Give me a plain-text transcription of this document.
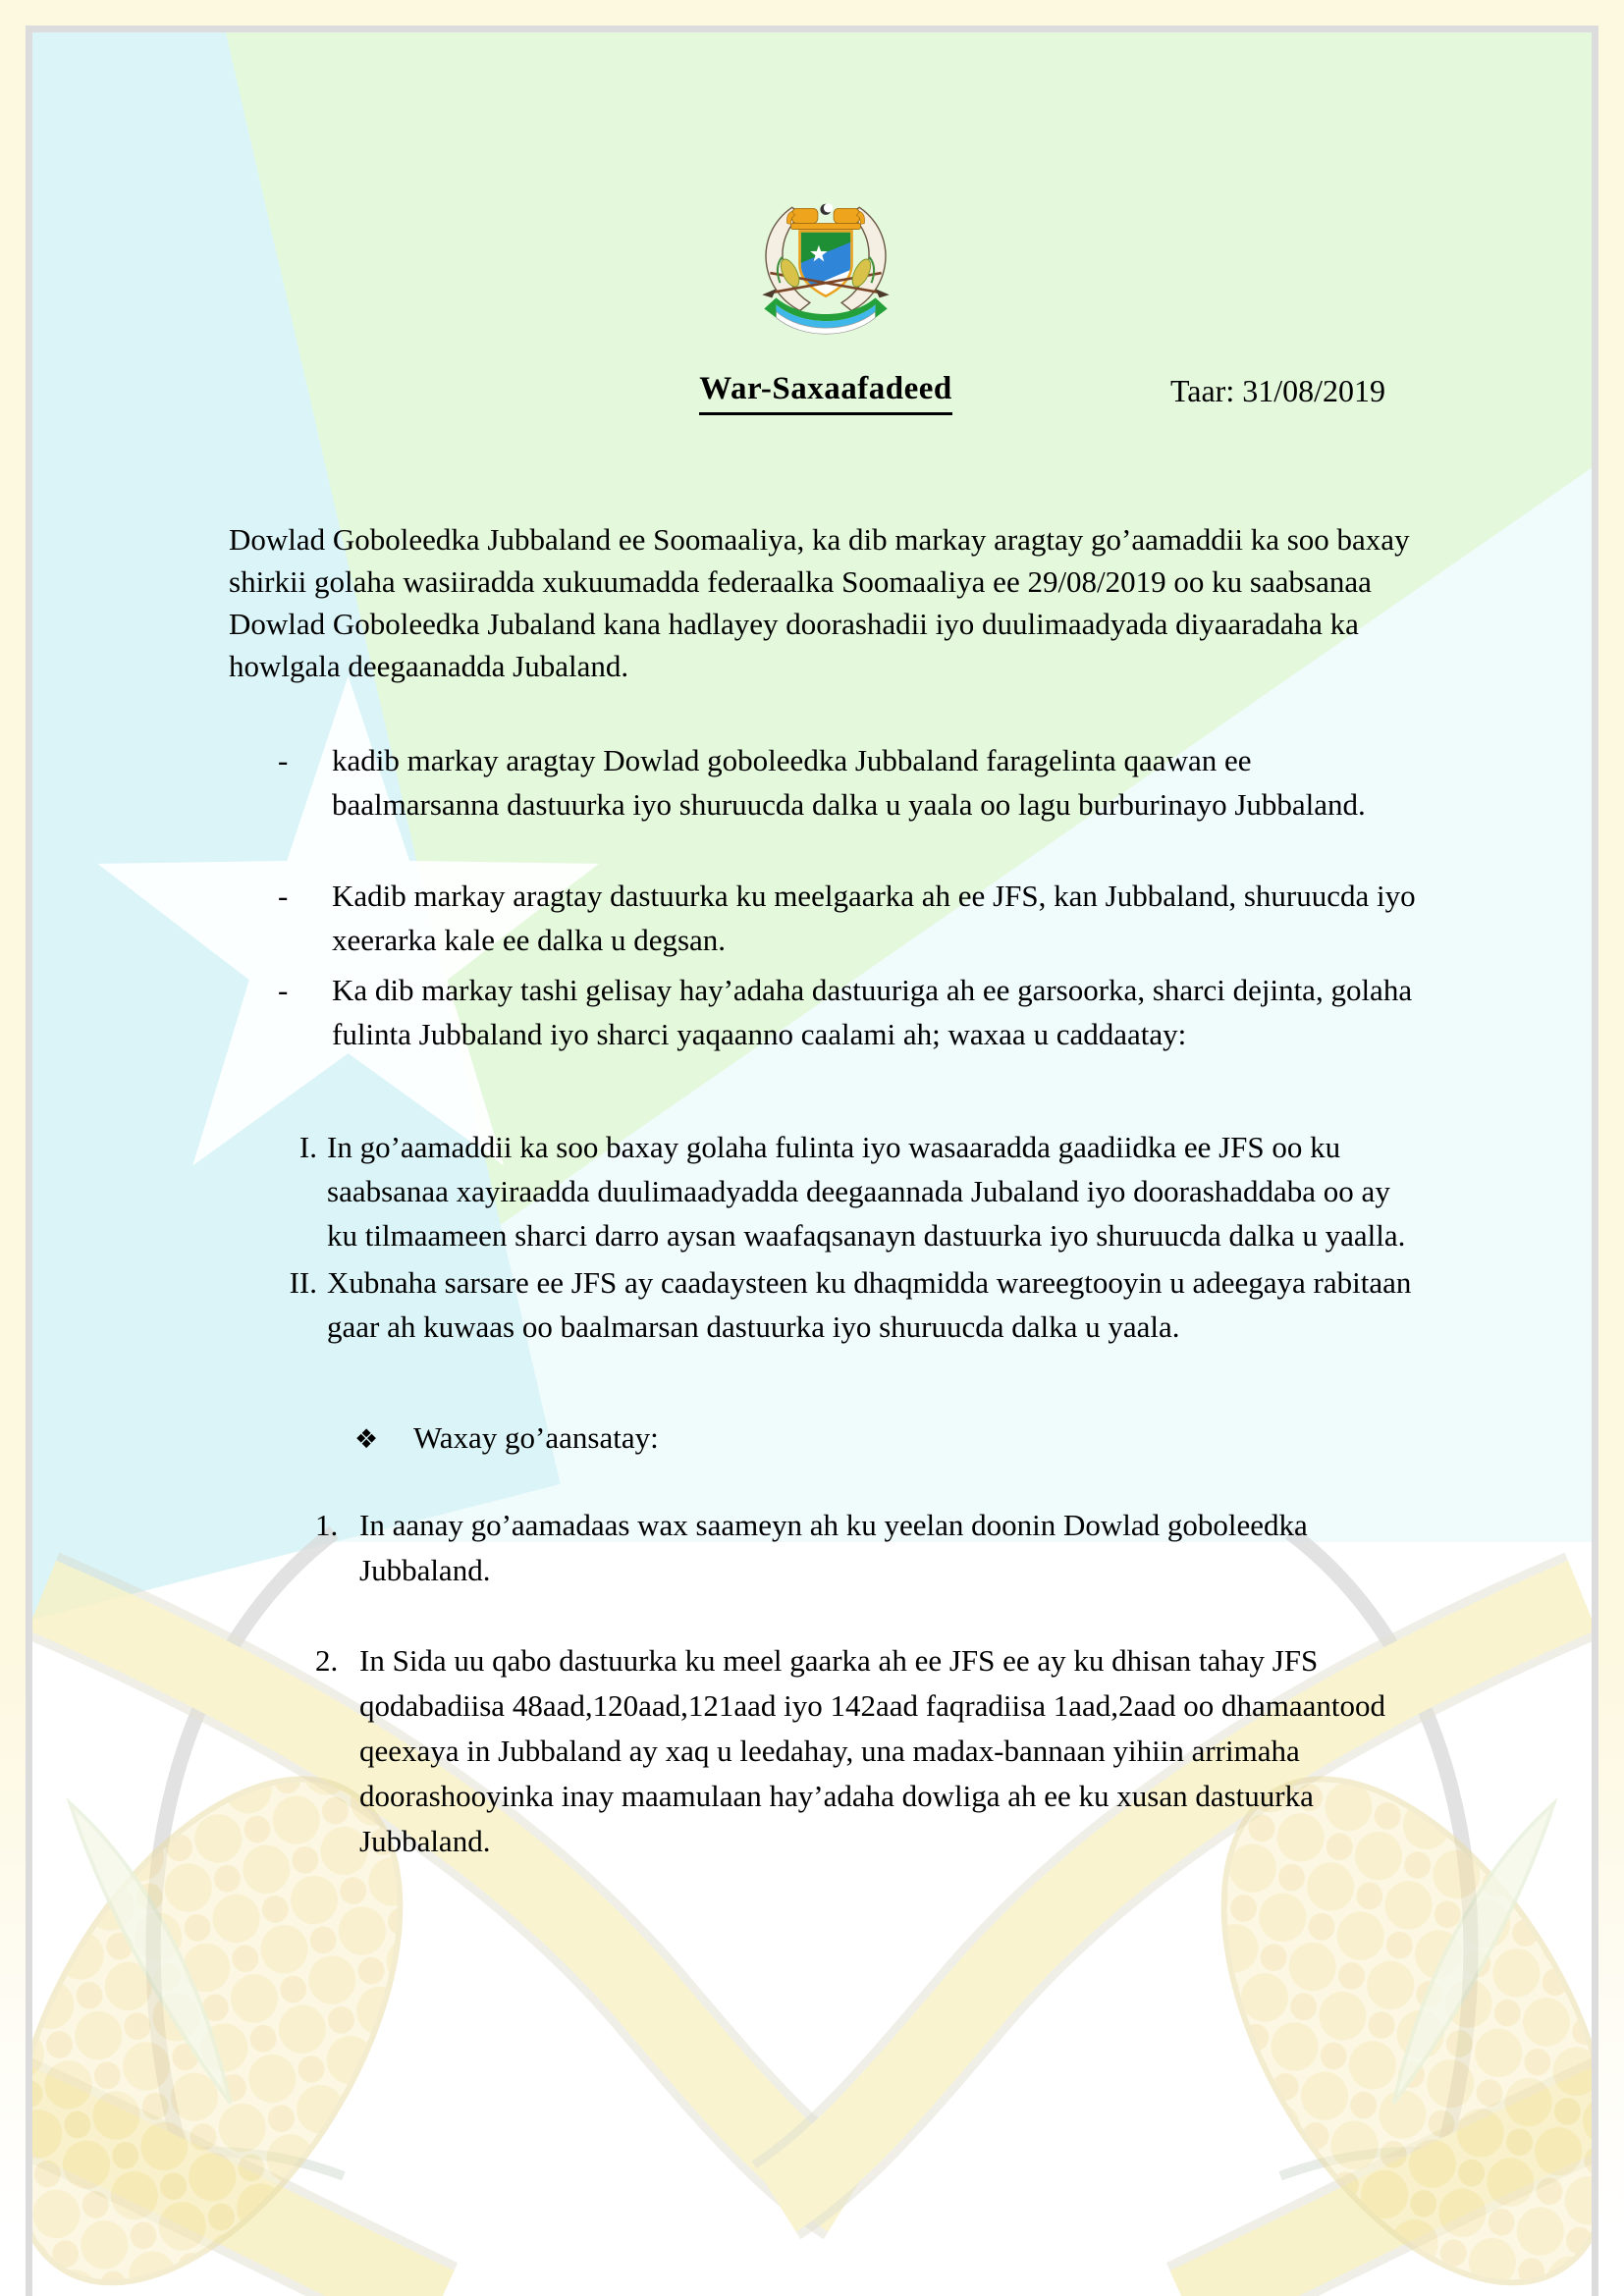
War-Saxaafadeed	Taar: 31/08/2019

Dowlad Goboleedka Jubbaland ee Soomaaliya, ka dib markay aragtay go’aamaddii ka soo baxay shirkii golaha wasiiradda xukuumadda federaalka Soomaaliya ee 29/08/2019 oo ku saabsanaa Dowlad Goboleedka Jubaland kana hadlayey doorashadii iyo duulimaadyada diyaaradaha ka howlgala deegaanadda Jubaland.

- kadib markay aragtay Dowlad goboleedka Jubbaland faragelinta qaawan ee baalmarsanna dastuurka iyo shuruucda dalka u yaala oo lagu burburinayo Jubbaland.
- Kadib markay aragtay dastuurka ku meelgaarka ah ee JFS, kan Jubbaland, shuruucda iyo xeerarka kale ee dalka u degsan.
- Ka dib markay tashi gelisay hay’adaha dastuuriga ah ee garsoorka, sharci dejinta, golaha fulinta Jubbaland iyo sharci yaqaanno caalami ah; waxaa u caddaatay:
I. In go’aamaddii ka soo baxay golaha fulinta iyo wasaaradda gaadiidka ee JFS oo ku saabsanaa xayiraadda duulimaadyadda deegaannada Jubaland iyo doorashaddaba oo ay ku tilmaameen sharci darro aysan waafaqsanayn dastuurka iyo shuruucda dalka u yaalla.
II. Xubnaha sarsare ee JFS ay caadaysteen ku dhaqmidda wareegtooyin u adeegaya rabitaan gaar ah kuwaas oo baalmarsan dastuurka iyo shuruucda dalka u yaala.
❖ Waxay go’aansatay:
1. In aanay go’aamadaas wax saameyn ah ku yeelan doonin Dowlad goboleedka Jubbaland.
2. In Sida uu qabo dastuurka ku meel gaarka ah ee JFS ee ay ku dhisan tahay JFS qodabadiisa 48aad,120aad,121aad iyo 142aad faqradiisa 1aad,2aad oo dhamaantood qeexaya in Jubbaland ay xaq u leedahay, una madax-bannaan yihiin arrimaha doorashooyinka inay maamulaan hay’adaha dowliga ah ee ku xusan dastuurka Jubbaland.
